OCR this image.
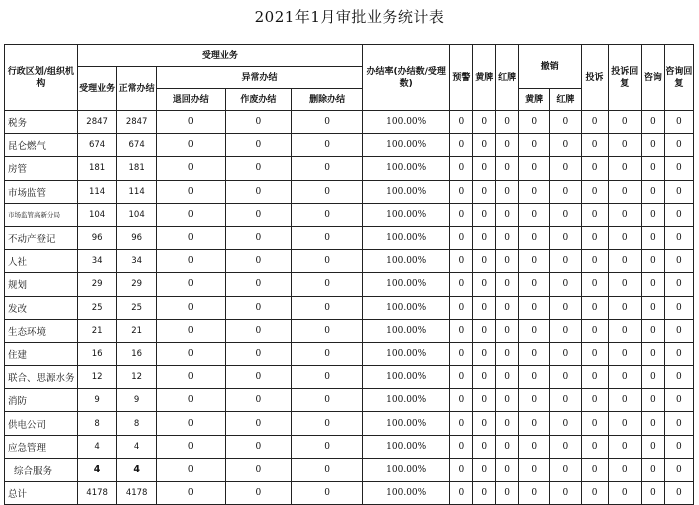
2021年1月审批业务统计表
行政区划/组织机构	受理业务					办结率(办结数/受理数)	预警	黄牌	红牌	撤销		投诉	投诉回复	咨询	咨询回复
	受理业务	正常办结	异常办结												
			退回办结	作废办结	删除办结					黄牌	红牌				
税务	2847	2847	0	0	0	100.00%	0	0	0	0	0	0	0	0	0
昆仑燃气	674	674	0	0	0	100.00%	0	0	0	0	0	0	0	0	0
房管	181	181	0	0	0	100.00%	0	0	0	0	0	0	0	0	0
市场监管	114	114	0	0	0	100.00%	0	0	0	0	0	0	0	0	0
市场监管高新分局	104	104	0	0	0	100.00%	0	0	0	0	0	0	0	0	0
不动产登记	96	96	0	0	0	100.00%	0	0	0	0	0	0	0	0	0
人社	34	34	0	0	0	100.00%	0	0	0	0	0	0	0	0	0
规划	29	29	0	0	0	100.00%	0	0	0	0	0	0	0	0	0
发改	25	25	0	0	0	100.00%	0	0	0	0	0	0	0	0	0
生态环境	21	21	0	0	0	100.00%	0	0	0	0	0	0	0	0	0
住建	16	16	0	0	0	100.00%	0	0	0	0	0	0	0	0	0
联合、思源水务	12	12	0	0	0	100.00%	0	0	0	0	0	0	0	0	0
消防	9	9	0	0	0	100.00%	0	0	0	0	0	0	0	0	0
供电公司	8	8	0	0	0	100.00%	0	0	0	0	0	0	0	0	0
应急管理	4	4	0	0	0	100.00%	0	0	0	0	0	0	0	0	0
综合服务	4	4	0	0	0	100.00%	0	0	0	0	0	0	0	0	0
总计	4178	4178	0	0	0	100.00%	0	0	0	0	0	0	0	0	0
